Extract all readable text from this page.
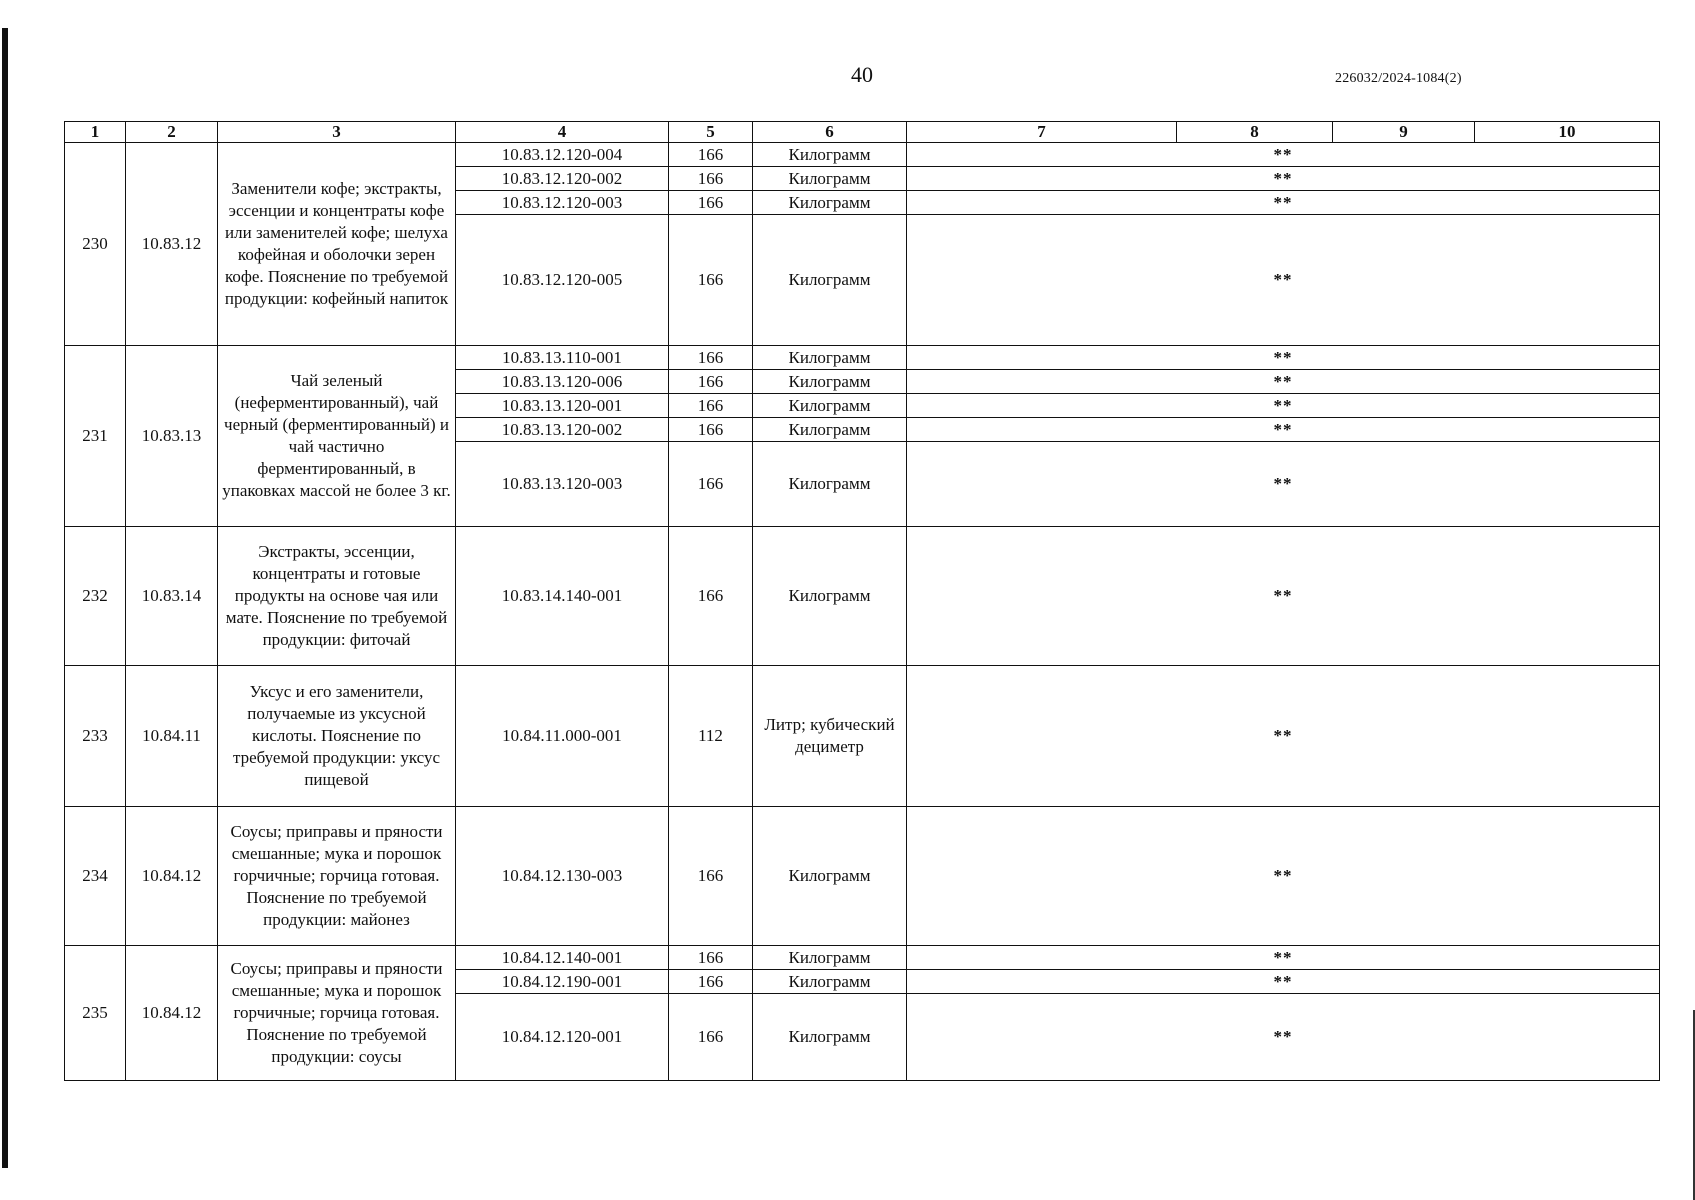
40	226032/2024-1084(2)
1	2	3	4	5	6	7	8	9	10
230	10.83.12	Заменители кофе; экстракты, эссенции и концентраты кофе или заменителей кофе; шелуха кофейная и оболочки зерен кофе. Пояснение по требуемой продукции: кофейный напиток	10.83.12.120-004	166	Килограмм	**			
			10.83.12.120-002	166	Килограмм	**			
			10.83.12.120-003	166	Килограмм	**			
			10.83.12.120-005	166	Килограмм	**			
231	10.83.13	Чай зеленый (неферментированный), чай черный (ферментированный) и чай частично ферментированный, в упаковках массой не более 3 кг.	10.83.13.110-001	166	Килограмм	**			
			10.83.13.120-006	166	Килограмм	**			
			10.83.13.120-001	166	Килограмм	**			
			10.83.13.120-002	166	Килограмм	**			
			10.83.13.120-003	166	Килограмм	**			
232	10.83.14	Экстракты, эссенции, концентраты и готовые продукты на основе чая или мате. Пояснение по требуемой продукции: фиточай	10.83.14.140-001	166	Килограмм	**			
233	10.84.11	Уксус и его заменители, получаемые из уксусной кислоты. Пояснение по требуемой продукции: уксус пищевой	10.84.11.000-001	112	Литр; кубический дециметр	**			
234	10.84.12	Соусы; приправы и пряности смешанные; мука и порошок горчичные; горчица готовая. Пояснение по требуемой продукции: майонез	10.84.12.130-003	166	Килограмм	**			
235	10.84.12	Соусы; приправы и пряности смешанные; мука и порошок горчичные; горчица готовая. Пояснение по требуемой продукции: соусы	10.84.12.140-001	166	Килограмм	**			
			10.84.12.190-001	166	Килограмм	**			
			10.84.12.120-001	166	Килограмм	**			
